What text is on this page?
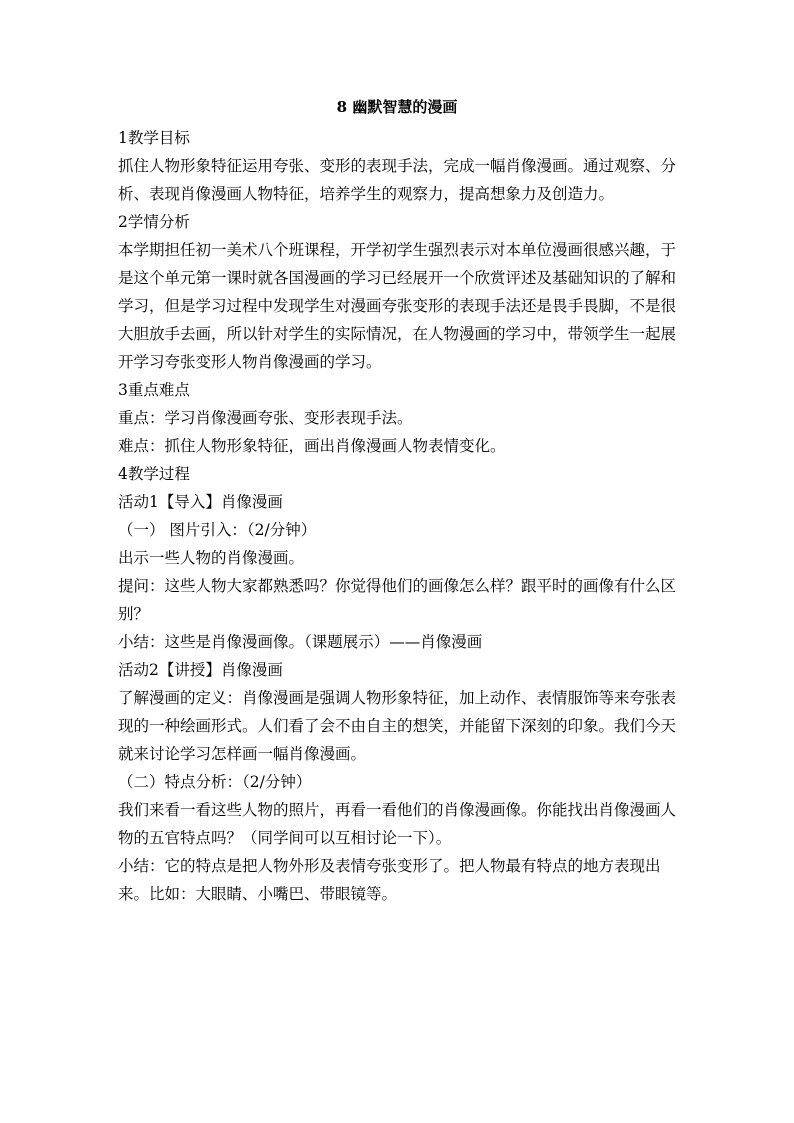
8 幽默智慧的漫画
1教学目标
抓住人物形象特征运用夸张、变形的表现手法，完成一幅肖像漫画。通过观察、分析、表现肖像漫画人物特征，培养学生的观察力，提高想象力及创造力。
2学情分析
本学期担任初一美术八个班课程，开学初学生强烈表示对本单位漫画很感兴趣，于是这个单元第一课时就各国漫画的学习已经展开一个欣赏评述及基础知识的了解和学习，但是学习过程中发现学生对漫画夸张变形的表现手法还是畏手畏脚，不是很大胆放手去画，所以针对学生的实际情况，在人物漫画的学习中，带领学生一起展开学习夸张变形人物肖像漫画的学习。
3重点难点
重点：学习肖像漫画夸张、变形表现手法。
难点：抓住人物形象特征，画出肖像漫画人物表情变化。
4教学过程
活动1【导入】肖像漫画
（一） 图片引入：（2/分钟）
出示一些人物的肖像漫画。
提问：这些人物大家都熟悉吗？你觉得他们的画像怎么样？跟平时的画像有什么区别？
小结：这些是肖像漫画像。（课题展示）——肖像漫画
活动2【讲授】肖像漫画
了解漫画的定义：肖像漫画是强调人物形象特征，加上动作、表情服饰等来夸张表现的一种绘画形式。人们看了会不由自主的想笑，并能留下深刻的印象。我们今天就来讨论学习怎样画一幅肖像漫画。
（二）特点分析：（2/分钟）
我们来看一看这些人物的照片，再看一看他们的肖像漫画像。你能找出肖像漫画人物的五官特点吗？（同学间可以互相讨论一下）。
小结：它的特点是把人物外形及表情夸张变形了。把人物最有特点的地方表现出来。比如：大眼睛、小嘴巴、带眼镜等。
